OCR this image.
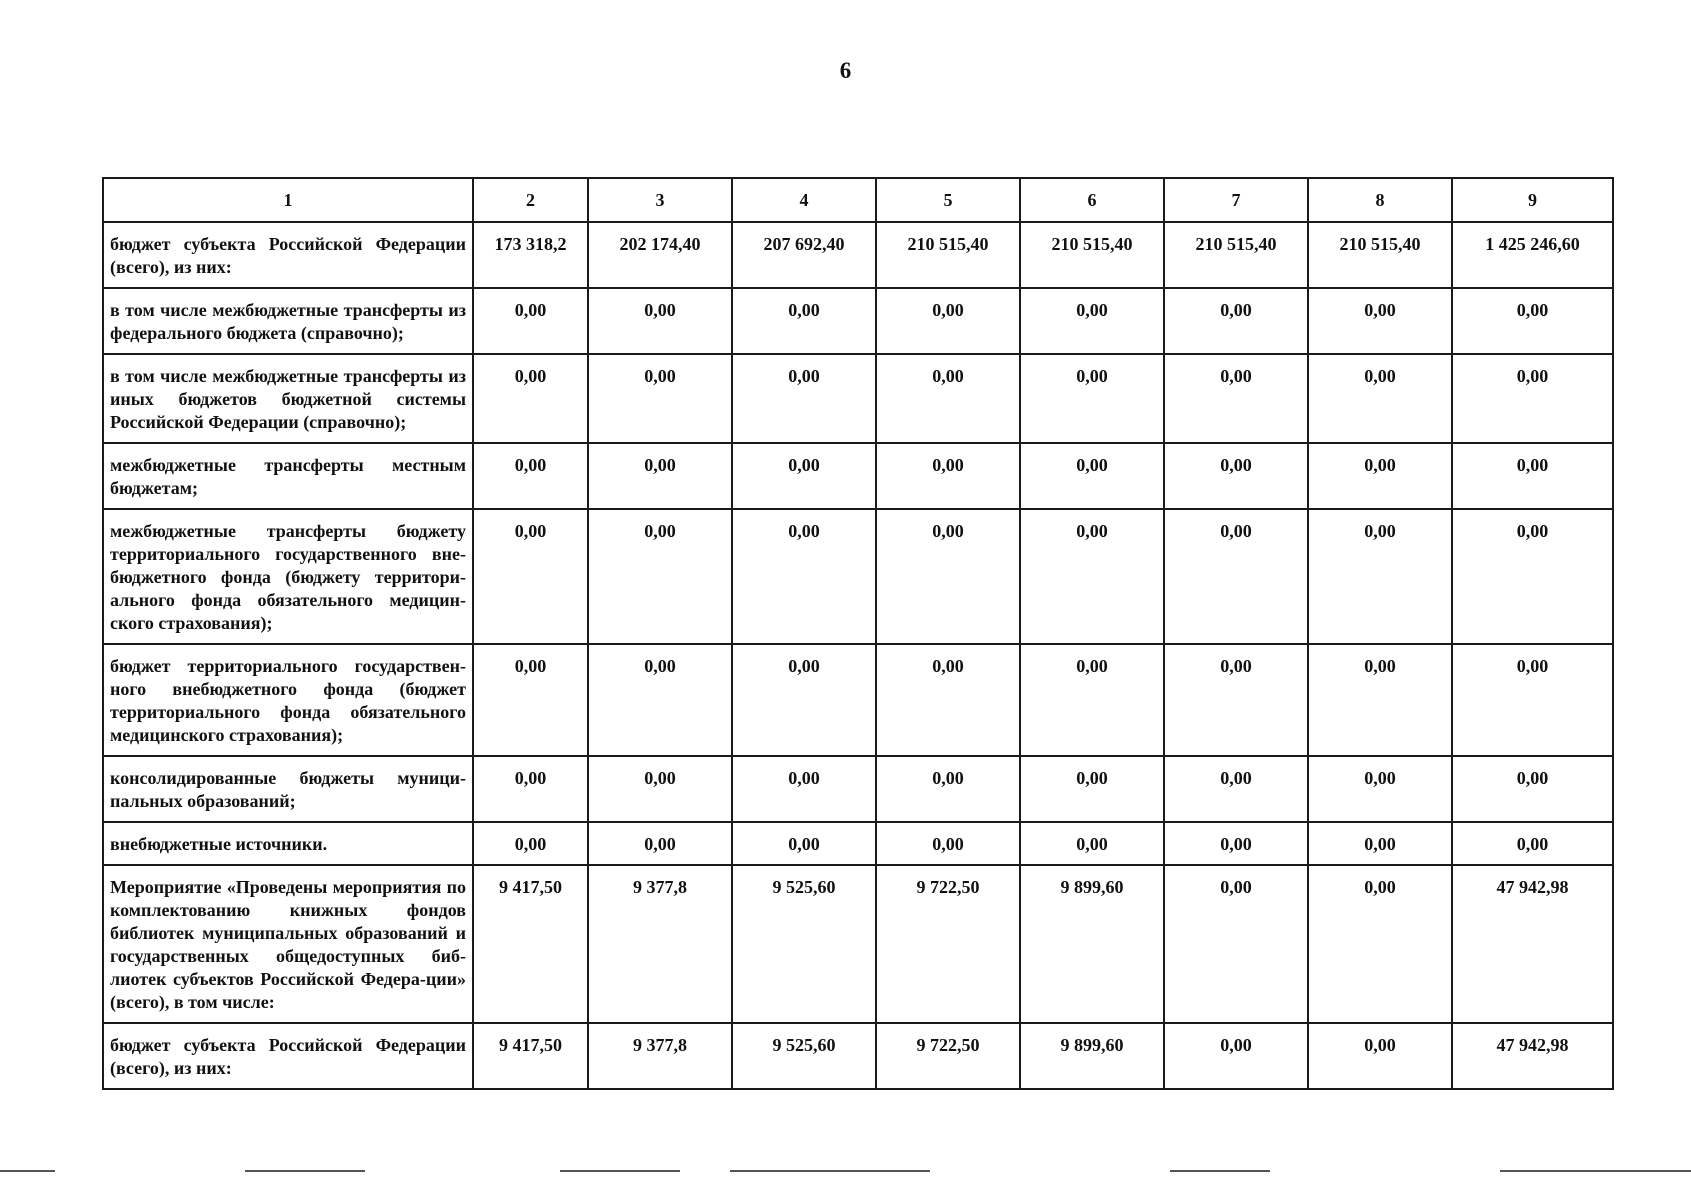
6
1	2	3	4	5	6	7	8	9
бюджет субъекта Российской Федерации (всего), из них:	173 318,2	202 174,40	207 692,40	210 515,40	210 515,40	210 515,40	210 515,40	1 425 246,60
в том числе межбюджетные трансферты из федерального бюджета (справочно);	0,00	0,00	0,00	0,00	0,00	0,00	0,00	0,00
в том числе межбюджетные трансферты из иных бюджетов бюджетной системы Российской Федерации (справочно);	0,00	0,00	0,00	0,00	0,00	0,00	0,00	0,00
межбюджетные трансферты местным бюджетам;	0,00	0,00	0,00	0,00	0,00	0,00	0,00	0,00
межбюджетные трансферты бюджету территориального государственного вне-бюджетного фонда (бюджету территори-ального фонда обязательного медицин-ского страхования);	0,00	0,00	0,00	0,00	0,00	0,00	0,00	0,00
бюджет территориального государствен-ного внебюджетного фонда (бюджет территориального фонда обязательного медицинского страхования);	0,00	0,00	0,00	0,00	0,00	0,00	0,00	0,00
консолидированные бюджеты муници-пальных образований;	0,00	0,00	0,00	0,00	0,00	0,00	0,00	0,00
внебюджетные источники.	0,00	0,00	0,00	0,00	0,00	0,00	0,00	0,00
Мероприятие «Проведены мероприятия по комплектованию книжных фондов библиотек муниципальных образований и государственных общедоступных биб-лиотек субъектов Российской Федера-ции» (всего), в том числе:	9 417,50	9 377,8	9 525,60	9 722,50	9 899,60	0,00	0,00	47 942,98
бюджет субъекта Российской Федерации (всего), из них:	9 417,50	9 377,8	9 525,60	9 722,50	9 899,60	0,00	0,00	47 942,98
